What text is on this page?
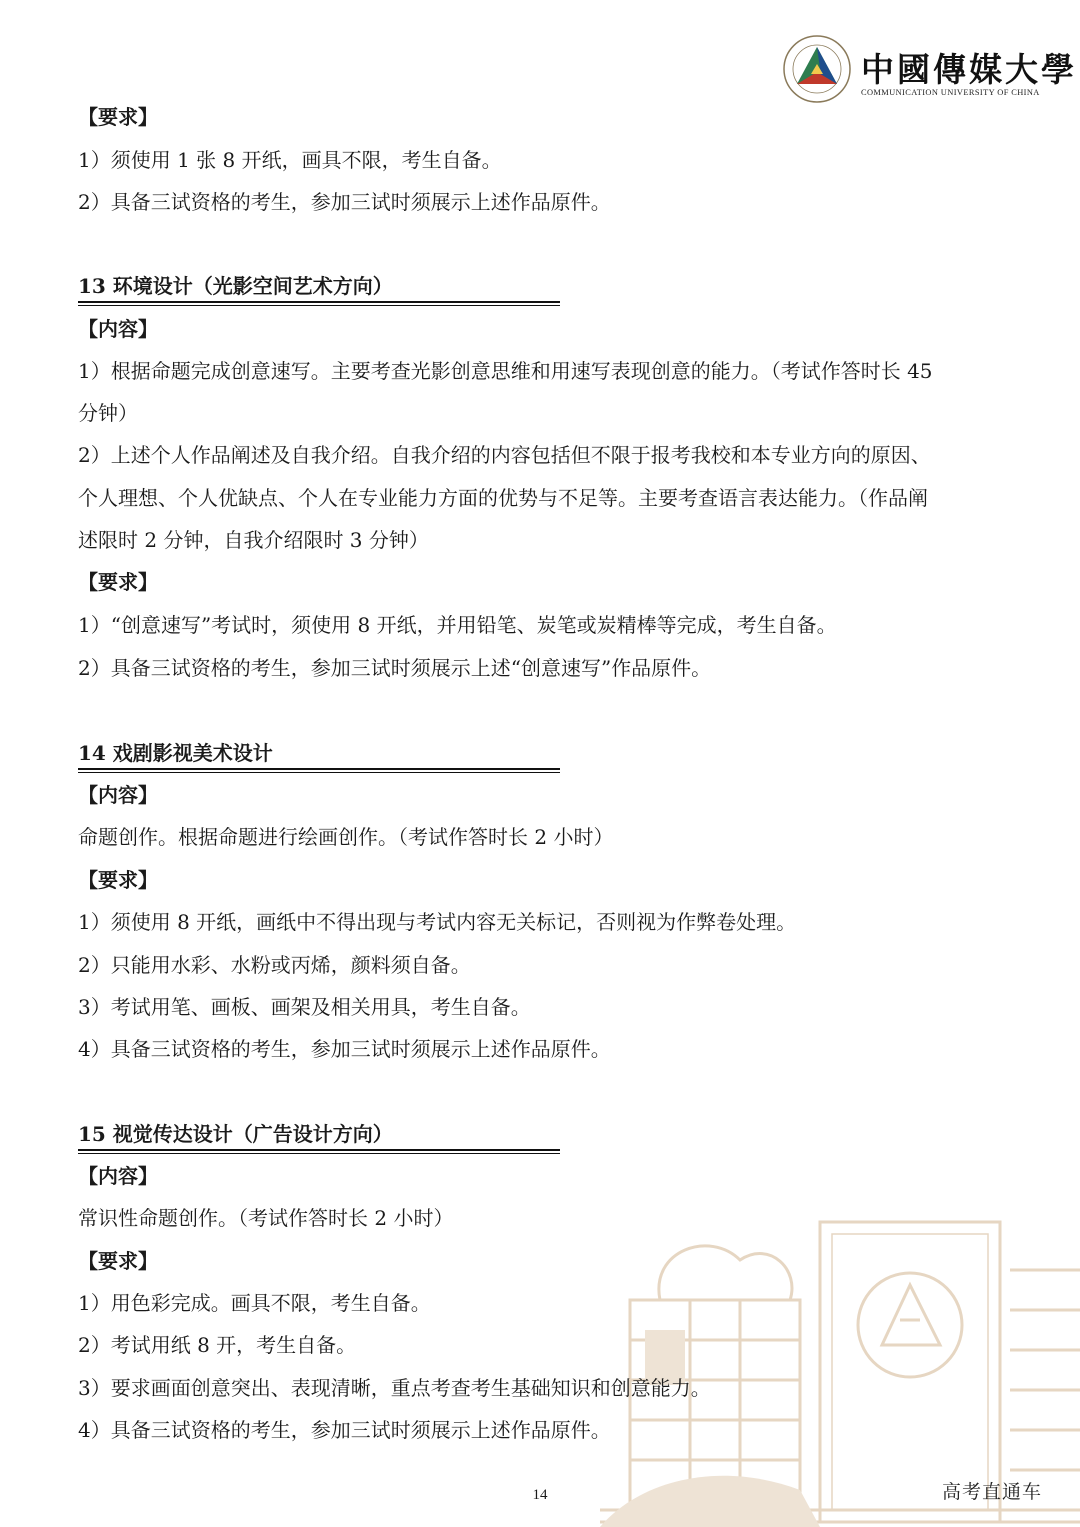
中國傳媒大學
COMMUNICATION UNIVERSITY OF CHINA
【要求】
1）须使用 1 张 8 开纸，画具不限，考生自备。
2）具备三试资格的考生，参加三试时须展示上述作品原件。
13 环境设计（光影空间艺术方向）
【内容】
1）根据命题完成创意速写。主要考查光影创意思维和用速写表现创意的能力。（考试作答时长 45
分钟）
2）上述个人作品阐述及自我介绍。自我介绍的内容包括但不限于报考我校和本专业方向的原因、
个人理想、个人优缺点、个人在专业能力方面的优势与不足等。主要考查语言表达能力。（作品阐
述限时 2 分钟，自我介绍限时 3 分钟）
【要求】
1）“创意速写”考试时，须使用 8 开纸，并用铅笔、炭笔或炭精棒等完成，考生自备。
2）具备三试资格的考生，参加三试时须展示上述“创意速写”作品原件。
14 戏剧影视美术设计
【内容】
命题创作。根据命题进行绘画创作。（考试作答时长 2 小时）
【要求】
1）须使用 8 开纸，画纸中不得出现与考试内容无关标记，否则视为作弊卷处理。
2）只能用水彩、水粉或丙烯，颜料须自备。
3）考试用笔、画板、画架及相关用具，考生自备。
4）具备三试资格的考生，参加三试时须展示上述作品原件。
15 视觉传达设计（广告设计方向）
【内容】
常识性命题创作。（考试作答时长 2 小时）
【要求】
1）用色彩完成。画具不限，考生自备。
2）考试用纸 8 开，考生自备。
3）要求画面创意突出、表现清晰，重点考查考生基础知识和创意能力。
4）具备三试资格的考生，参加三试时须展示上述作品原件。
14	高考直通车
